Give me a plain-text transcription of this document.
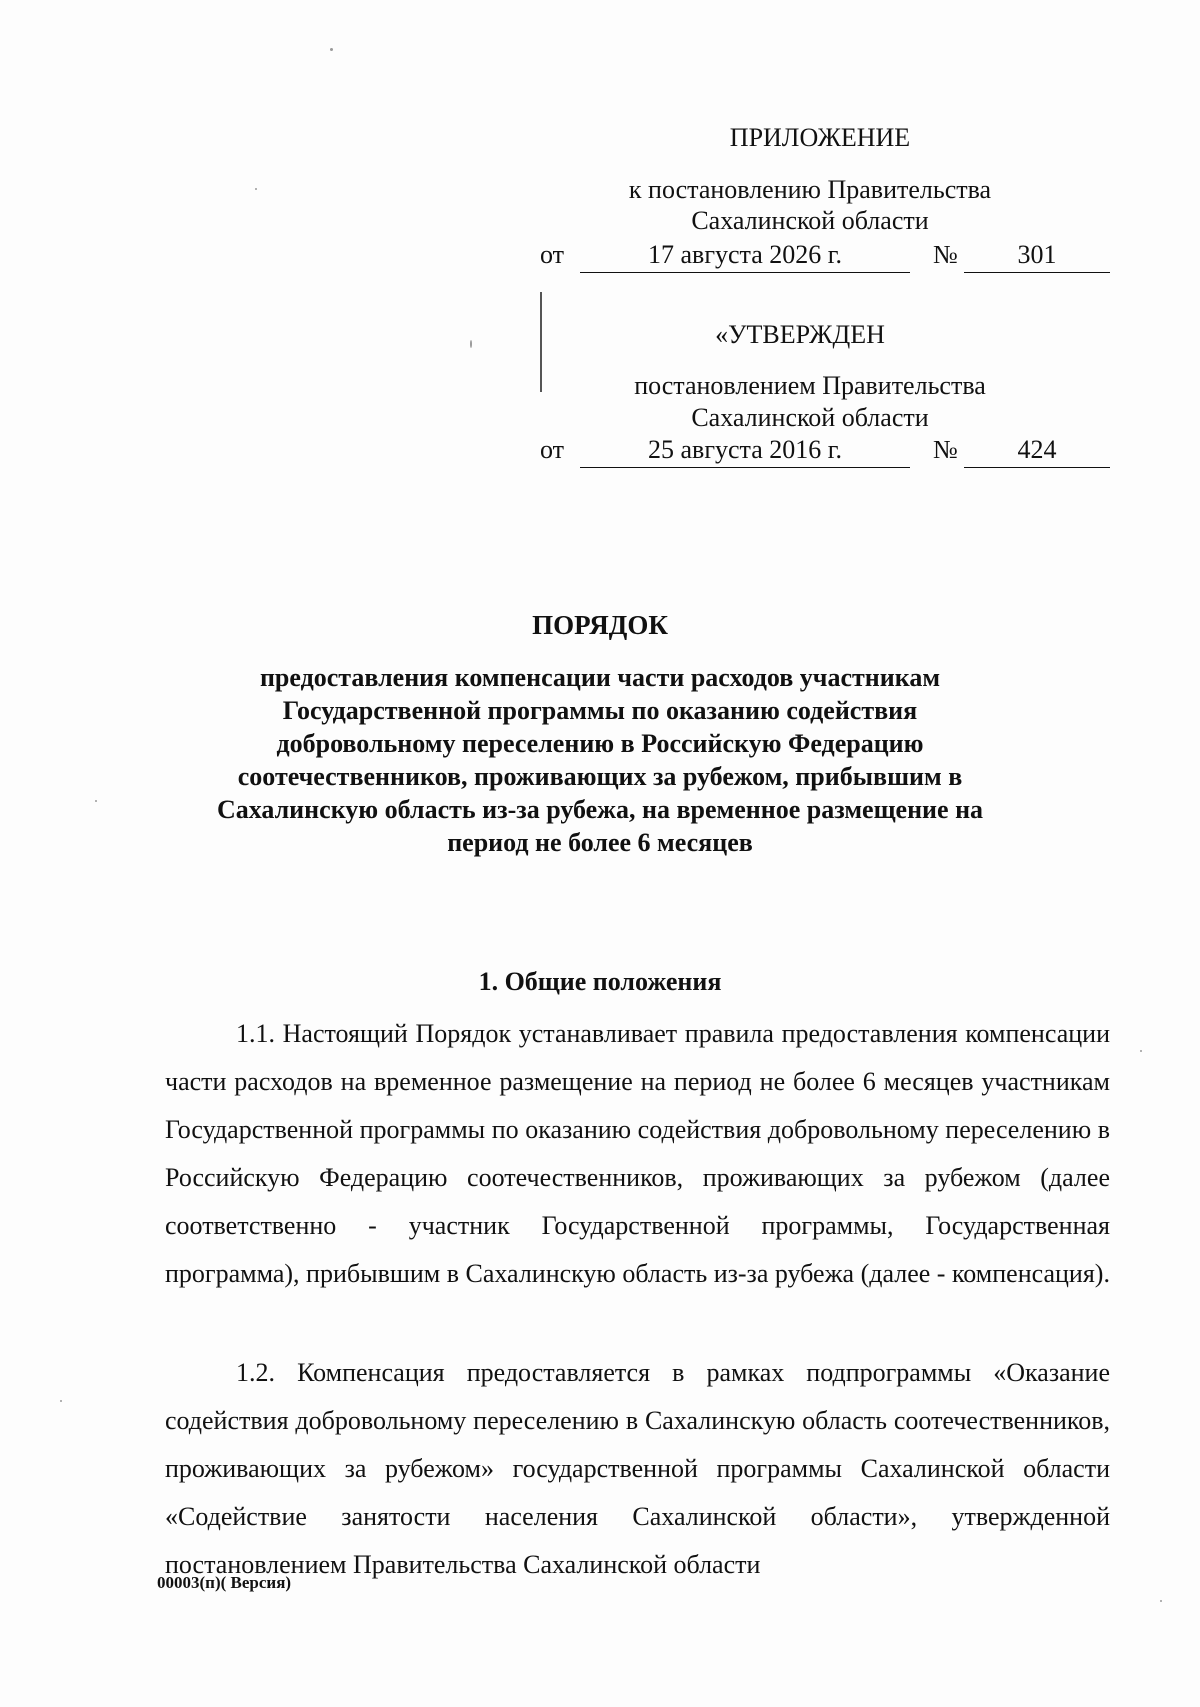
ПРИЛОЖЕНИЕ
к постановлению Правительства
Сахалинской области
от	17 августа 2026 г.	№	301
«УТВЕРЖДЕН
постановлением Правительства
Сахалинской области
от	25 августа 2016 г.	№	424
ПОРЯДОК
предоставления компенсации части расходов участникам Государственной программы по оказанию содействия добровольному переселению в Российскую Федерацию соотечественников, проживающих за рубежом, прибывшим в Сахалинскую область из-за рубежа, на временное размещение на период не более 6 месяцев
1. Общие положения
1.1. Настоящий Порядок устанавливает правила предоставления компенсации части расходов на временное размещение на период не более 6 месяцев участникам Государственной программы по оказанию содействия добровольному переселению в Российскую Федерацию соотечественников, проживающих за рубежом (далее соответственно - участник Государственной программы, Государственная программа), прибывшим в Сахалинскую область из-за рубежа (далее - компенсация).
1.2. Компенсация предоставляется в рамках подпрограммы «Оказание содействия добровольному переселению в Сахалинскую область соотечественников, проживающих за рубежом» государственной программы Сахалинской области «Содействие занятости населения Сахалинской области», утвержденной постановлением Правительства Сахалинской области
00003(п)( Версия)
